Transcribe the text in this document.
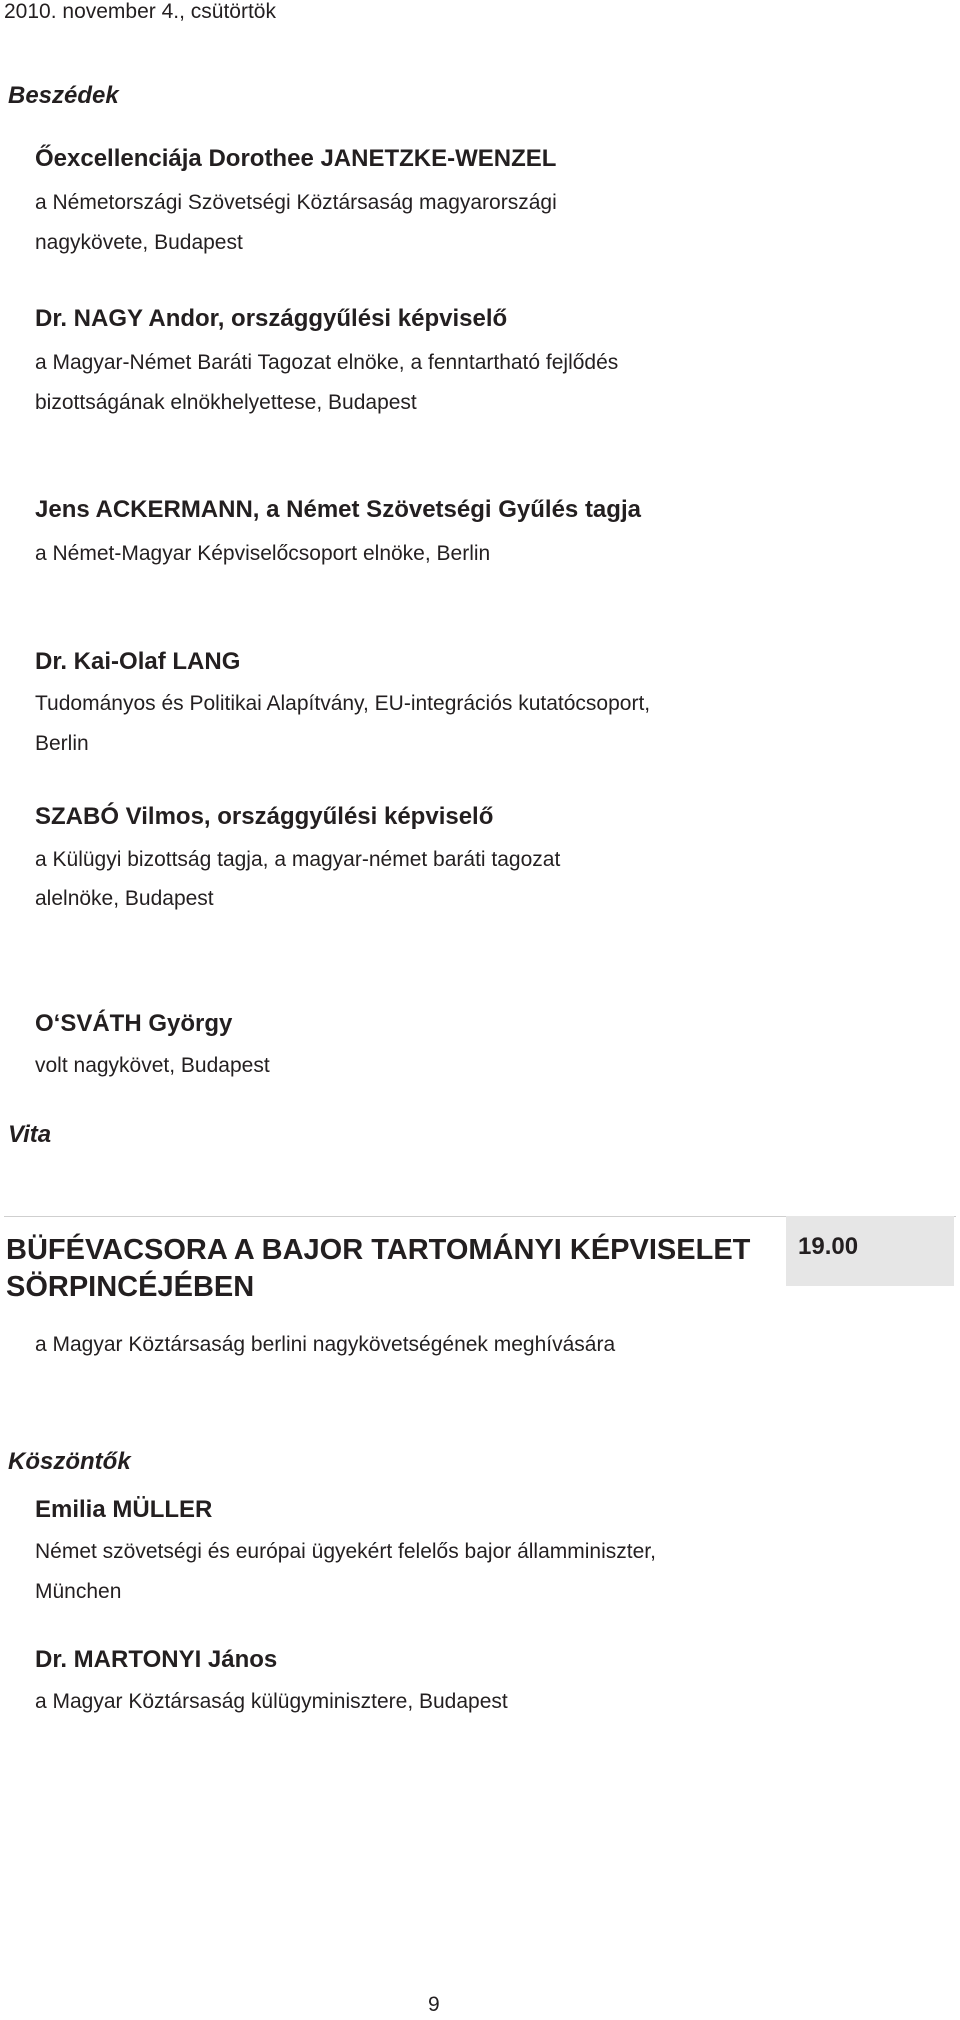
2010. november 4., csütörtök
Beszédek
Őexcellenciája Dorothee JANETZKE-WENZEL
a Németországi Szövetségi Köztársaság magyarországi
nagykövete, Budapest
Dr. NAGY Andor, országgyűlési képviselő
a Magyar-Német Baráti Tagozat elnöke, a fenntartható fejlődés
bizottságának elnökhelyettese, Budapest
Jens ACKERMANN, a Német Szövetségi Gyűlés tagja
a Német-Magyar Képviselőcsoport elnöke, Berlin
Dr. Kai-Olaf LANG
Tudományos és Politikai Alapítvány, EU-integrációs kutatócsoport,
Berlin
SZABÓ Vilmos, országgyűlési képviselő
a Külügyi bizottság tagja, a magyar-német baráti tagozat
alelnöke, Budapest
O‘SVÁTH György
volt nagykövet, Budapest
Vita
19.00
BÜFÉVACSORA A BAJOR TARTOMÁNYI KÉPVISELET SÖRPINCÉJÉBEN
a Magyar Köztársaság berlini nagykövetségének meghívására
Köszöntők
Emilia MÜLLER
Német szövetségi és európai ügyekért felelős bajor államminiszter,
München
Dr. MARTONYI János
a Magyar Köztársaság külügyminisztere, Budapest
9
